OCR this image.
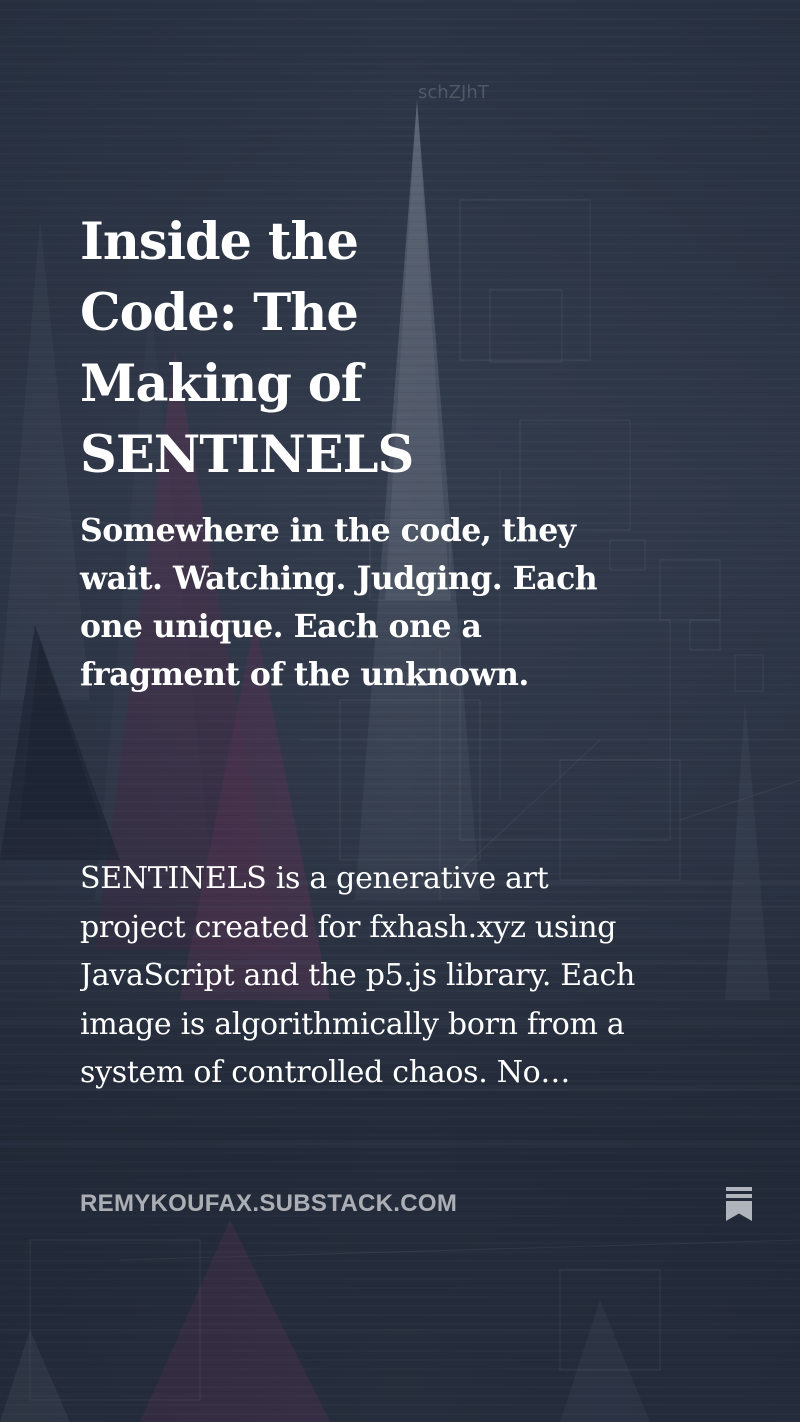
Inside the Code: The Making of SENTINELS
Somewhere in the code, they wait. Watching. Judging. Each one unique. Each one a fragment of the unknown.

SENTINELS is a generative art project created for fxhash.xyz using JavaScript and the p5.js library. Each image is algorithmically born from a system of controlled chaos. No…

REMYKOUFAX.SUBSTACK.COM
